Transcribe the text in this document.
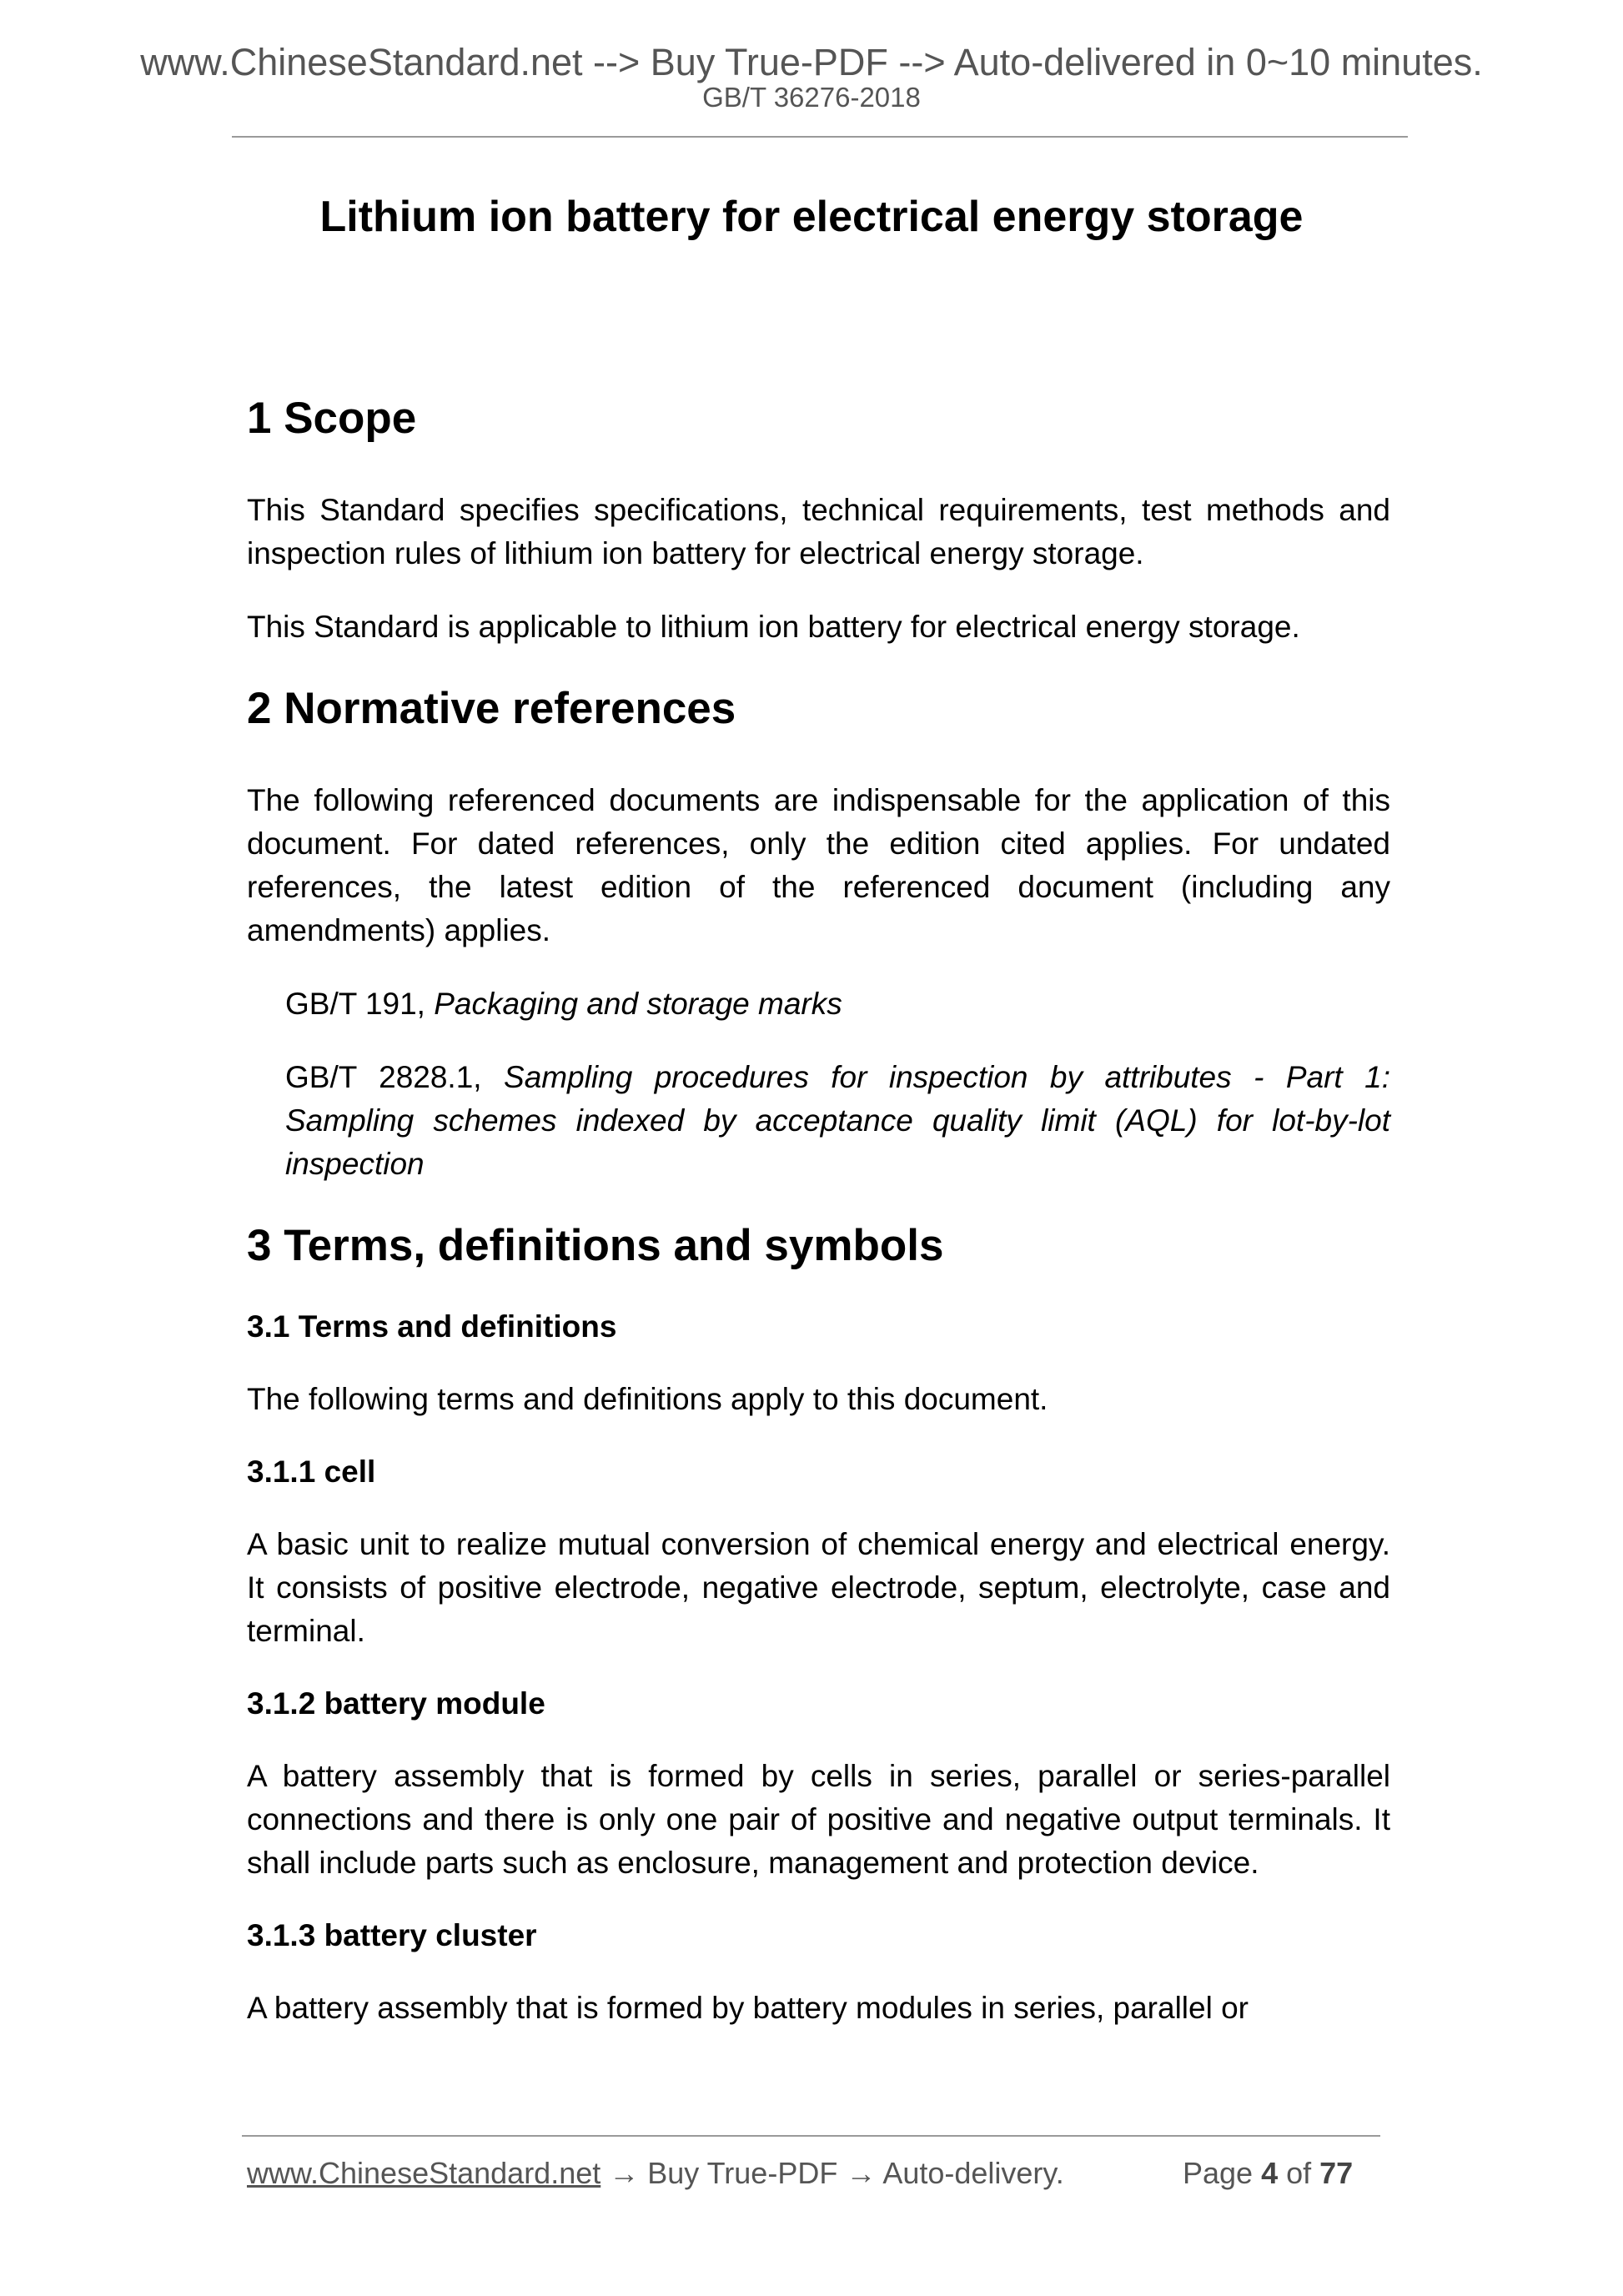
www.ChineseStandard.net --> Buy True-PDF --> Auto-delivered in 0~10 minutes.
GB/T 36276-2018
Lithium ion battery for electrical energy storage
1 Scope

This Standard specifies specifications, technical requirements, test methods and inspection rules of lithium ion battery for electrical energy storage.

This Standard is applicable to lithium ion battery for electrical energy storage.

2 Normative references

The following referenced documents are indispensable for the application of this document. For dated references, only the edition cited applies. For undated references, the latest edition of the referenced document (including any amendments) applies.

GB/T 191, Packaging and storage marks

GB/T 2828.1, Sampling procedures for inspection by attributes - Part 1: Sampling schemes indexed by acceptance quality limit (AQL) for lot-by-lot inspection

3 Terms, definitions and symbols
3.1 Terms and definitions

The following terms and definitions apply to this document.

3.1.1 cell

A basic unit to realize mutual conversion of chemical energy and electrical energy. It consists of positive electrode, negative electrode, septum, electrolyte, case and terminal.

3.1.2 battery module

A battery assembly that is formed by cells in series, parallel or series-parallel connections and there is only one pair of positive and negative output terminals. It shall include parts such as enclosure, management and protection device.

3.1.3 battery cluster

A battery assembly that is formed by battery modules in series, parallel or

www.ChineseStandard.net → Buy True-PDF → Auto-delivery.	Page 4 of 77
